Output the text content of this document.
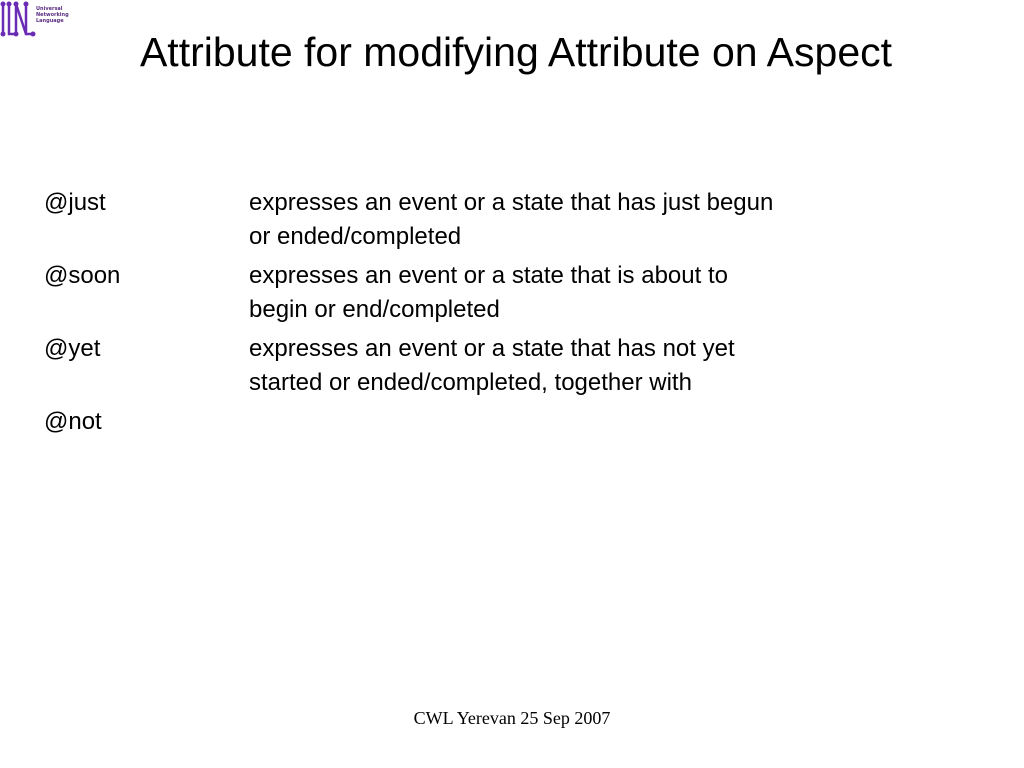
Universal
Networking
Language
Attribute for modifying Attribute on Aspect
@just	expresses an event or a state that has just begun
or ended/completed
@soon	expresses an event or a state that is about to
begin or end/completed
@yet	expresses an event or a state that has not yet
started or ended/completed, together with
@not
CWL Yerevan 25 Sep 2007
